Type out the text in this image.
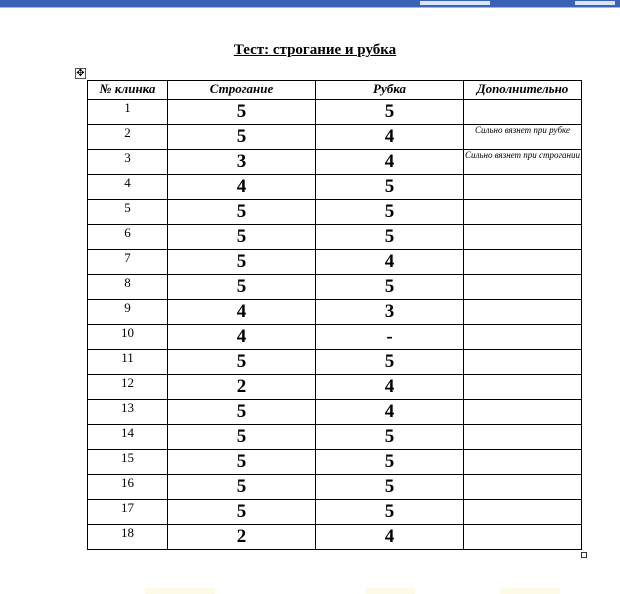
Тест: строгание и рубка
✥
№ клинка	Строгание	Рубка	Дополнительно
1	5	5	
2	5	4	Сильно вязнет при рубке
3	3	4	Сильно вязнет при строгании
4	4	5	
5	5	5	
6	5	5	
7	5	4	
8	5	5	
9	4	3	
10	4	-	
11	5	5	
12	2	4	
13	5	4	
14	5	5	
15	5	5	
16	5	5	
17	5	5	
18	2	4	
